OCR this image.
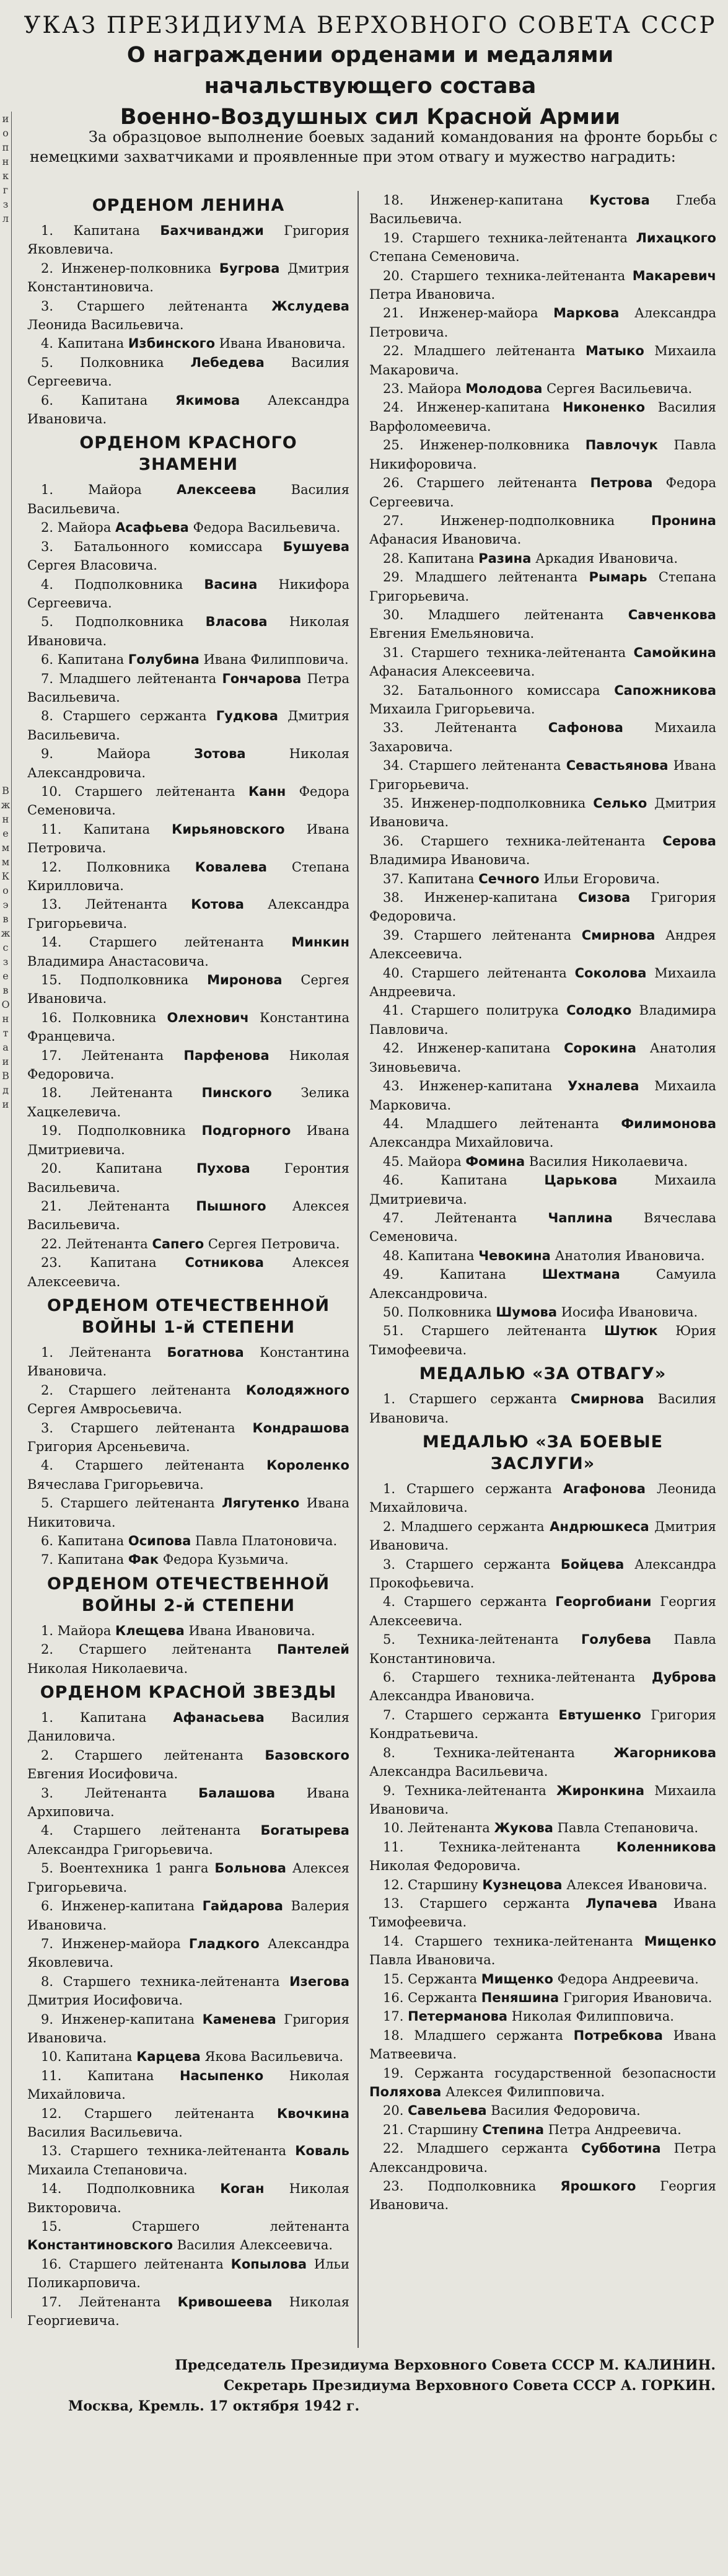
и
о
п
н
к
г
з
л
В
ж
н
е
м
м
К
о
э
в
ж
с
з
е
в
О
н
т
а
и
В
д
и
УКАЗ ПРЕЗИДИУМА ВЕРХОВНОГО СОВЕТА СССР
О награждении орденами и медалями начальствующего состава
Военно-Воздушных сил Красной Армии
За образцовое выполнение боевых заданий командования на фронте борьбы с немецкими захватчиками и проявленные при этом отвагу и мужество наградить:
ОРДЕНОМ ЛЕНИНА
1. Капитана Бахчиванджи Григория Яковлевича.
2. Инженер-полковника Бугрова Дмитрия Константиновича.
3. Старшего лейтенанта Жслудева Леонида Васильевича.
4. Капитана Избинского Ивана Ивановича.
5. Полковника Лебедева Василия Сергеевича.
6. Капитана Якимова Александра Ивановича.
ОРДЕНОМ КРАСНОГО ЗНАМЕНИ
1.	Майора	Алексеева	Василия Васильевича.
2. Майора Асафьева Федора Васильевича.
3. Батальонного комиссара Бушуева Сергея Власовича.
4. Подполковника Васина Никифора Сергеевича.
5. Подполковника Власова Николая Ивановича.
6. Капитана Голубина Ивана Филипповича.
7. Младшего лейтенанта Гончарова Петра Васильевича.
8. Старшего сержанта Гудкова Дмитрия Васильевича.
9.	Майора	Зотова	Николая Александровича.
10. Старшего лейтенанта Канн Федора Семеновича.
11. Капитана Кирьяновского Ивана Петровича.
12. Полковника Ковалева Степана Кирилловича.
13. Лейтенанта Котова Александра Григорьевича.
14. Старшего лейтенанта Минкин Владимира Анастасовича.
15. Подполковника Миронова Сергея Ивановича.
16. Полковника Олехнович Константина Францевича.
17. Лейтенанта Парфенова Николая Федоровича.
18. Лейтенанта Пинского Зелика Хацкелевича.
19. Подполковника Подгорного Ивана Дмитриевича.
20.	Капитана	Пухова	Геронтия Васильевича.
21. Лейтенанта Пышного Алексея Васильевича.
22. Лейтенанта Сапего Сергея Петровича.
23. Капитана Сотникова Алексея Алексеевича.
ОРДЕНОМ ОТЕЧЕСТВЕННОЙ ВОЙНЫ 1-й СТЕПЕНИ
1. Лейтенанта Богатнова Константина Ивановича.
2. Старшего лейтенанта Колодяжного Сергея Амвросьевича.
3. Старшего лейтенанта Кондрашова Григория Арсеньевича.
4. Старшего лейтенанта Короленко Вячеслава Григорьевича.
5. Старшего лейтенанта Лягутенко Ивана Никитовича.
6. Капитана Осипова Павла Платоновича.
7. Капитана Фак Федора Кузьмича.
ОРДЕНОМ ОТЕЧЕСТВЕННОЙ ВОЙНЫ 2-й СТЕПЕНИ
1. Майора Клещева Ивана Ивановича.
2. Старшего лейтенанта Пантелей Николая Николаевича.
ОРДЕНОМ КРАСНОЙ ЗВЕЗДЫ
1. Капитана Афанасьева Василия Даниловича.
2. Старшего лейтенанта Базовского Евгения Иосифовича.
3. Лейтенанта Балашова Ивана Архиповича.
4. Старшего лейтенанта Богатырева Александра Григорьевича.
5. Воентехника 1 ранга Больнова Алексея Григорьевича.
6. Инженер-капитана Гайдарова Валерия Ивановича.
7. Инженер-майора Гладкого Александра Яковлевича.
8. Старшего техника-лейтенанта Изегова Дмитрия Иосифовича.
9. Инженер-капитана Каменева Григория Ивановича.
10. Капитана Карцева Якова Васильевича.
11. Капитана Насыпенко Николая Михайловича.
12. Старшего лейтенанта Квочкина Василия Васильевича.
13. Старшего техника-лейтенанта Коваль Михаила Степановича.
14. Подполковника Коган Николая Викторовича.
15.	Старшего лейтенанта Константиновского Василия Алексеевича.
16. Старшего лейтенанта Копылова Ильи Поликарповича.
17. Лейтенанта Кривошеева Николая Георгиевича.
18. Инженер-капитана Кустова Глеба Васильевича.
19. Старшего техника-лейтенанта Лихацкого Степана Семеновича.
20. Старшего техника-лейтенанта Макаревич Петра Ивановича.
21. Инженер-майора Маркова Александра Петровича.
22. Младшего лейтенанта Матыко Михаила Макаровича.
23. Майора Молодова Сергея Васильевича.
24. Инженер-капитана Никоненко Василия Варфоломеевича.
25. Инженер-полковника Павлочук Павла Никифоровича.
26. Старшего лейтенанта Петрова Федора Сергеевича.
27.	Инженер-подполковника	Пронина Афанасия Ивановича.
28. Капитана Разина Аркадия Ивановича.
29. Младшего лейтенанта Рымарь Степана Григорьевича.
30. Младшего лейтенанта Савченкова Евгения Емельяновича.
31. Старшего техника-лейтенанта Самойкина Афанасия Алексеевича.
32. Батальонного комиссара Сапожникова Михаила Григорьевича.
33. Лейтенанта Сафонова Михаила Захаровича.
34. Старшего лейтенанта Севастьянова Ивана Григорьевича.
35. Инженер-подполковника Селько Дмитрия Ивановича.
36. Старшего техника-лейтенанта Серова Владимира Ивановича.
37. Капитана Сечного Ильи Егоровича.
38. Инженер-капитана Сизова Григория Федоровича.
39. Старшего лейтенанта Смирнова Андрея Алексеевича.
40. Старшего лейтенанта Соколова Михаила Андреевича.
41. Старшего политрука Солодко Владимира Павловича.
42. Инженер-капитана Сорокина Анатолия Зиновьевича.
43. Инженер-капитана Ухналева Михаила Марковича.
44. Младшего лейтенанта Филимонова Александра Михайловича.
45. Майора Фомина Василия Николаевича.
46.	Капитана	Царькова	Михаила Дмитриевича.
47. Лейтенанта Чаплина Вячеслава Семеновича.
48. Капитана Чевокина Анатолия Ивановича.
49.	Капитана	Шехтмана	Самуила Александровича.
50. Полковника Шумова Иосифа Ивановича.
51. Старшего лейтенанта Шутюк Юрия Тимофеевича.
МЕДАЛЬЮ «ЗА ОТВАГУ»
1. Старшего сержанта Смирнова Василия Ивановича.
МЕДАЛЬЮ «ЗА БОЕВЫЕ ЗАСЛУГИ»
1. Старшего сержанта Агафонова Леонида Михайловича.
2. Младшего сержанта Андрюшкеса Дмитрия Ивановича.
3. Старшего сержанта Бойцева Александра Прокофьевича.
4. Старшего сержанта Георгобиани Георгия Алексеевича.
5. Техника-лейтенанта Голубева Павла Константиновича.
6. Старшего техника-лейтенанта Дуброва Александра Ивановича.
7. Старшего сержанта Евтушенко Григория Кондратьевича.
8.	Техника-лейтенанта	Жагорникова Александра Васильевича.
9. Техника-лейтенанта Жиронкина Михаила Ивановича.
10. Лейтенанта Жукова Павла Степановича.
11.	Техника-лейтенанта	Коленникова Николая Федоровича.
12. Старшину Кузнецова Алексея Ивановича.
13. Старшего сержанта Лупачева Ивана Тимофеевича.
14. Старшего техника-лейтенанта Мищенко Павла Ивановича.
15. Сержанта Мищенко Федора Андреевича.
16. Сержанта Пеняшина Григория Ивановича.
17. Петерманова Николая Филипповича.
18. Младшего сержанта Потребкова Ивана Матвеевича.
19. Сержанта государственной безопасности Поляхова Алексея Филипповича.
20. Савельева Василия Федоровича.
21. Старшину Степина Петра Андреевича.
22. Младшего сержанта Субботина Петра Александровича.
23. Подполковника Ярошкого Георгия Ивановича.
Председатель Президиума Верховного Совета СССР М. КАЛИНИН.
Секретарь Президиума Верховного Совета СССР А. ГОРКИН.
Москва, Кремль. 17 октября 1942 г.
